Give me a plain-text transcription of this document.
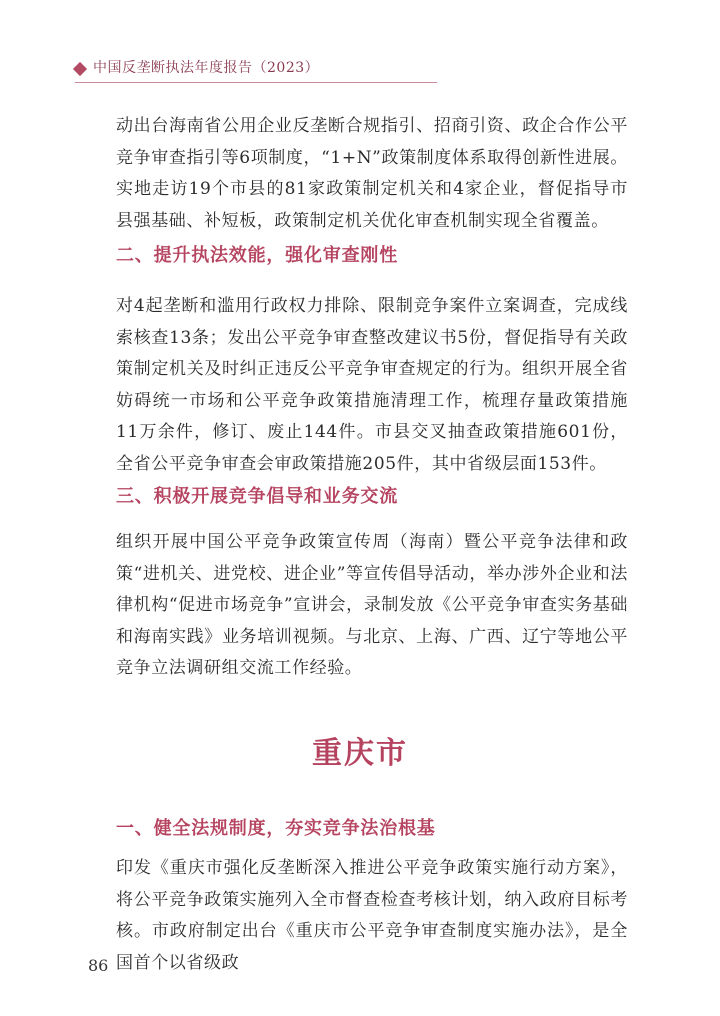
中国反垄断执法年度报告（2023）

动出台海南省公用企业反垄断合规指引、招商引资、政企合作公平竞争审查指引等6项制度，“1+N”政策制度体系取得创新性进展。实地走访19个市县的81家政策制定机关和4家企业，督促指导市县强基础、补短板，政策制定机关优化审查机制实现全省覆盖。

二、提升执法效能，强化审查刚性

对4起垄断和滥用行政权力排除、限制竞争案件立案调查，完成线索核查13条；发出公平竞争审查整改建议书5份，督促指导有关政策制定机关及时纠正违反公平竞争审查规定的行为。组织开展全省妨碍统一市场和公平竞争政策措施清理工作，梳理存量政策措施11万余件，修订、废止144件。市县交叉抽查政策措施601份，全省公平竞争审查会审政策措施205件，其中省级层面153件。

三、积极开展竞争倡导和业务交流

组织开展中国公平竞争政策宣传周（海南）暨公平竞争法律和政策“进机关、进党校、进企业”等宣传倡导活动，举办涉外企业和法律机构“促进市场竞争”宣讲会，录制发放《公平竞争审查实务基础和海南实践》业务培训视频。与北京、上海、广西、辽宁等地公平竞争立法调研组交流工作经验。

重庆市
一、健全法规制度，夯实竞争法治根基

印发《重庆市强化反垄断深入推进公平竞争政策实施行动方案》，将公平竞争政策实施列入全市督查检查考核计划，纳入政府目标考核。市政府制定出台《重庆市公平竞争审查制度实施办法》，是全国首个以省级政

86
